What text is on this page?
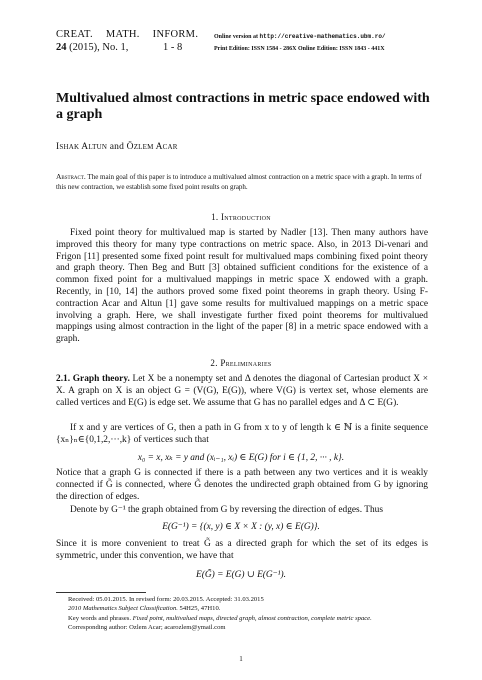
CREAT. MATH. INFORM.
24 (2015), No. 1,	1 - 8
Online version at http://creative-mathematics.ubm.ro/
Print Edition: ISSN 1584 - 286X Online Edition: ISSN 1843 - 441X
Multivalued almost contractions in metric space endowed with a graph
Ishak Altun and Özlem Acar
Abstract. The main goal of this paper is to introduce a multivalued almost contraction on a metric space with a graph. In terms of this new contraction, we establish some fixed point results on graph.
1. Introduction
Fixed point theory for multivalued map is started by Nadler [13]. Then many authors have improved this theory for many type contractions on metric space. Also, in 2013 Di-venari and Frigon [11] presented some fixed point result for multivalued maps combining fixed point theory and graph theory. Then Beg and Butt [3] obtained sufficient conditions for the existence of a common fixed point for a multivalued mappings in metric space X endowed with a graph. Recently, in [10, 14] the authors proved some fixed point theorems in graph theory. Using F-contraction Acar and Altun [1] gave some results for multivalued mappings on a metric space involving a graph. Here, we shall investigate further fixed point theorems for multivalued mappings using almost contraction in the light of the paper [8] in a metric space endowed with a graph.
2. Preliminaries
2.1. Graph theory. Let X be a nonempty set and Δ denotes the diagonal of Cartesian product X × X. A graph on X is an object G = (V(G), E(G)), where V(G) is vertex set, whose elements are called vertices and E(G) is edge set. We assume that G has no parallel edges and Δ ⊂ E(G).
If x and y are vertices of G, then a path in G from x to y of length k ∈ ℕ is a finite sequence {xₙ}ₙ∈{0,1,2,···,k} of vertices such that
x₀ = x, xₖ = y and (xᵢ₋₁, xᵢ) ∈ E(G) for i ∈ {1, 2, ··· , k}.
Notice that a graph G is connected if there is a path between any two vertices and it is weakly connected if G̃ is connected, where G̃ denotes the undirected graph obtained from G by ignoring the direction of edges.
Denote by G⁻¹ the graph obtained from G by reversing the direction of edges. Thus
E(G⁻¹) = {(x, y) ∈ X × X : (y, x) ∈ E(G)}.
Since it is more convenient to treat G̃ as a directed graph for which the set of its edges is symmetric, under this convention, we have that
E(G̃) = E(G) ∪ E(G⁻¹).
Received: 05.01.2015. In revised form: 20.03.2015. Accepted: 31.03.2015
2010 Mathematics Subject Classification. 54H25, 47H10.
Key words and phrases. Fixed point, multivalued maps, directed graph, almost contraction, complete metric space.
Corresponding author: Ozlem Acar; acarozlem@ymail.com
1
